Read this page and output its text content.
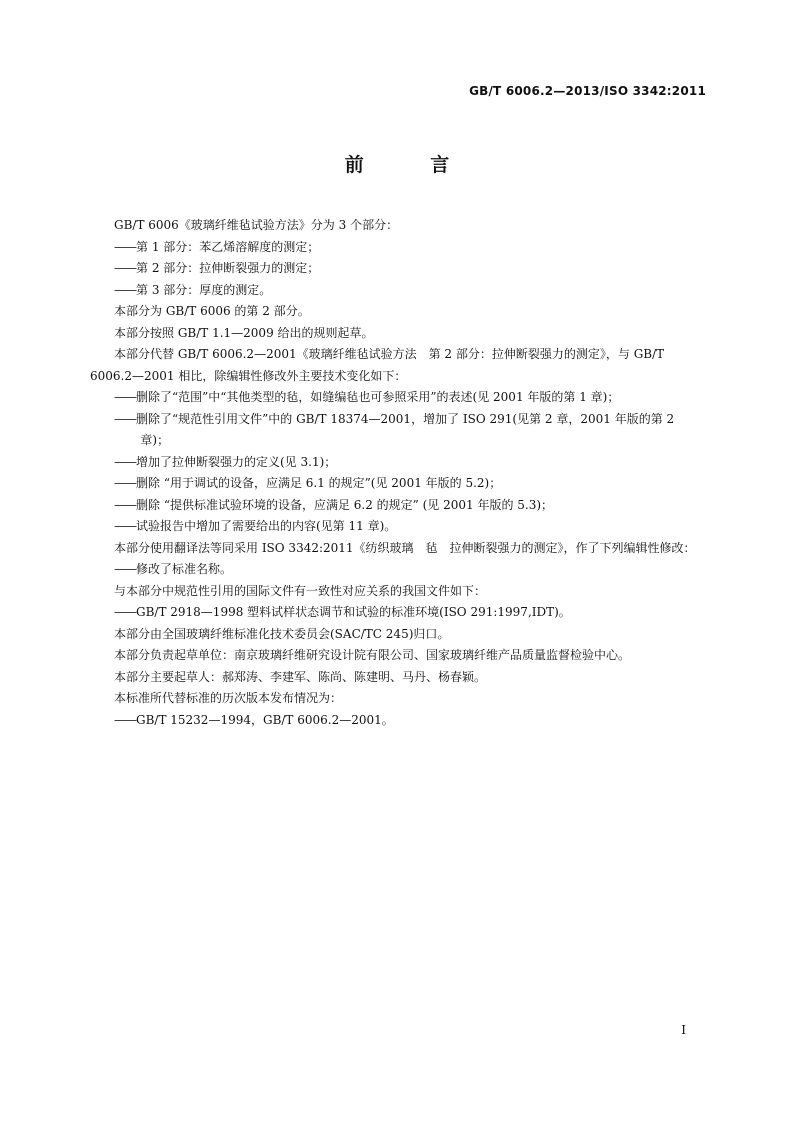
GB/T 6006.2—2013/ISO 3342:2011
前 言

GB/T 6006《玻璃纤维毡试验方法》分为 3 个部分：

—— 第 1 部分：苯乙烯溶解度的测定；

—— 第 2 部分：拉伸断裂强力的测定；

—— 第 3 部分：厚度的测定。

本部分为 GB/T 6006 的第 2 部分。

本部分按照 GB/T 1.1—2009 给出的规则起草。

本部分代替 GB/T 6006.2—2001《玻璃纤维毡试验方法　第 2 部分：拉伸断裂强力的测定》，与 GB/T 6006.2—2001 相比，除编辑性修改外主要技术变化如下：

—— 删除了“范围”中“其他类型的毡，如缝编毡也可参照采用”的表述(见 2001 年版的第 1 章)；

—— 删除了“规范性引用文件”中的 GB/T 18374—2001，增加了 ISO 291(见第 2 章，2001 年版的第 2 章)；

—— 增加了拉伸断裂强力的定义(见 3.1)；

—— 删除 “用于调试的设备，应满足 6.1 的规定”(见 2001 年版的 5.2)；

—— 删除 “提供标准试验环境的设备，应满足 6.2 的规定” (见 2001 年版的 5.3)；

—— 试验报告中增加了需要给出的内容(见第 11 章)。

本部分使用翻译法等同采用 ISO 3342:2011《纺织玻璃　毡　拉伸断裂强力的测定》，作了下列编辑性修改：

—— 修改了标准名称。

与本部分中规范性引用的国际文件有一致性对应关系的我国文件如下：

—— GB/T 2918—1998 塑料试样状态调节和试验的标准环境(ISO 291:1997,IDT)。

本部分由全国玻璃纤维标准化技术委员会(SAC/TC 245)归口。

本部分负责起草单位：南京玻璃纤维研究设计院有限公司、国家玻璃纤维产品质量监督检验中心。

本部分主要起草人：郝郑涛、李建军、陈尚、陈建明、马丹、杨春颖。

本标准所代替标准的历次版本发布情况为：

—— GB/T 15232—1994，GB/T 6006.2—2001。

I
